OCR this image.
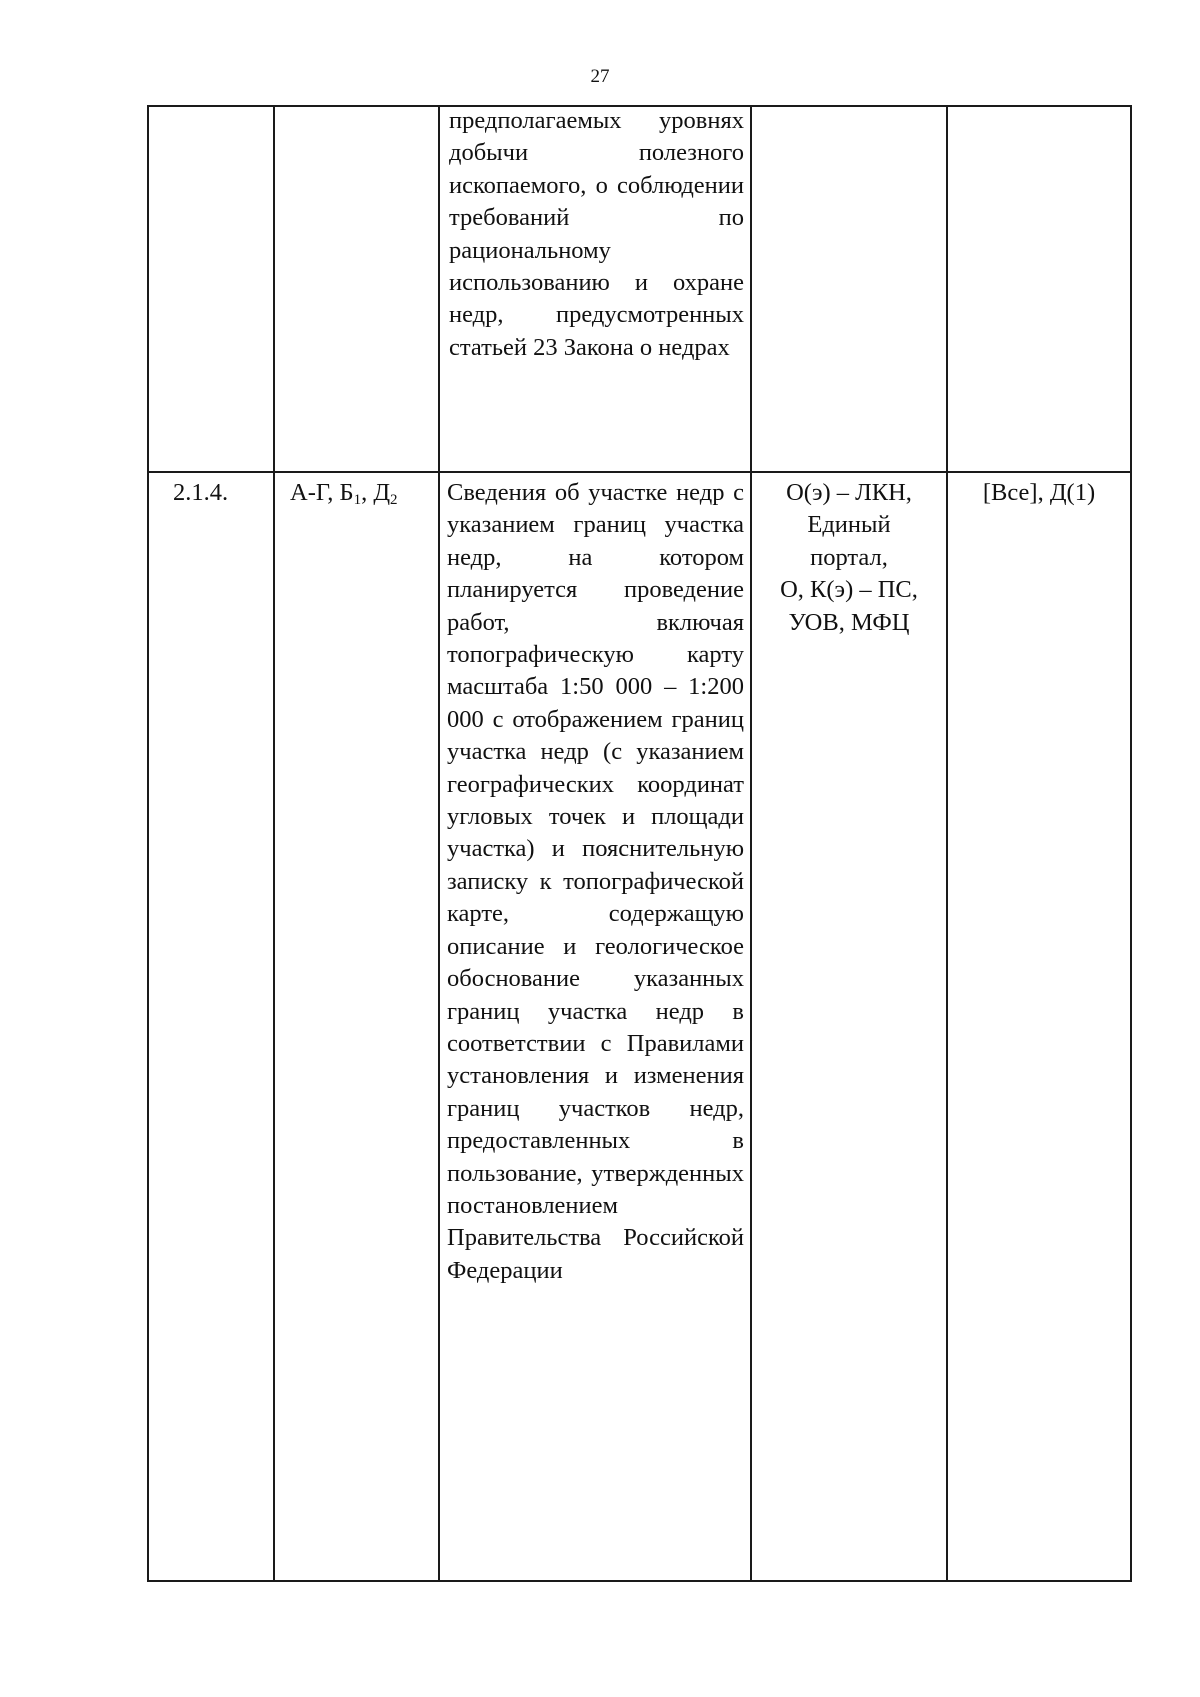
27
предполагаемых уровнях добычи полезного ископаемого, о соблюдении требований по рациональному использованию и охране недр, предусмотренных статьей 23 Закона о недрах
2.1.4.	А-Г, $Б_1$, $Д_2$	Сведения об участке недр с указанием границ участка недр, на котором планируется проведение работ, включая топографическую карту масштаба 1:50 000 – 1:200 000 с отображением границ участка недр (с указанием географических координат угловых точек и площади участка) и пояснительную записку к топографической карте, содержащую описание и геологическое обоснование указанных границ участка недр в соответствии с Правилами установления и изменения границ участков недр, предоставленных в пользование, утвержденных постановлением Правительства Российской Федерации
О(э) – ЛКН,
Единый
портал,
О, К(э) – ПС,
УОВ, МФЦ
[Все], Д(1)
